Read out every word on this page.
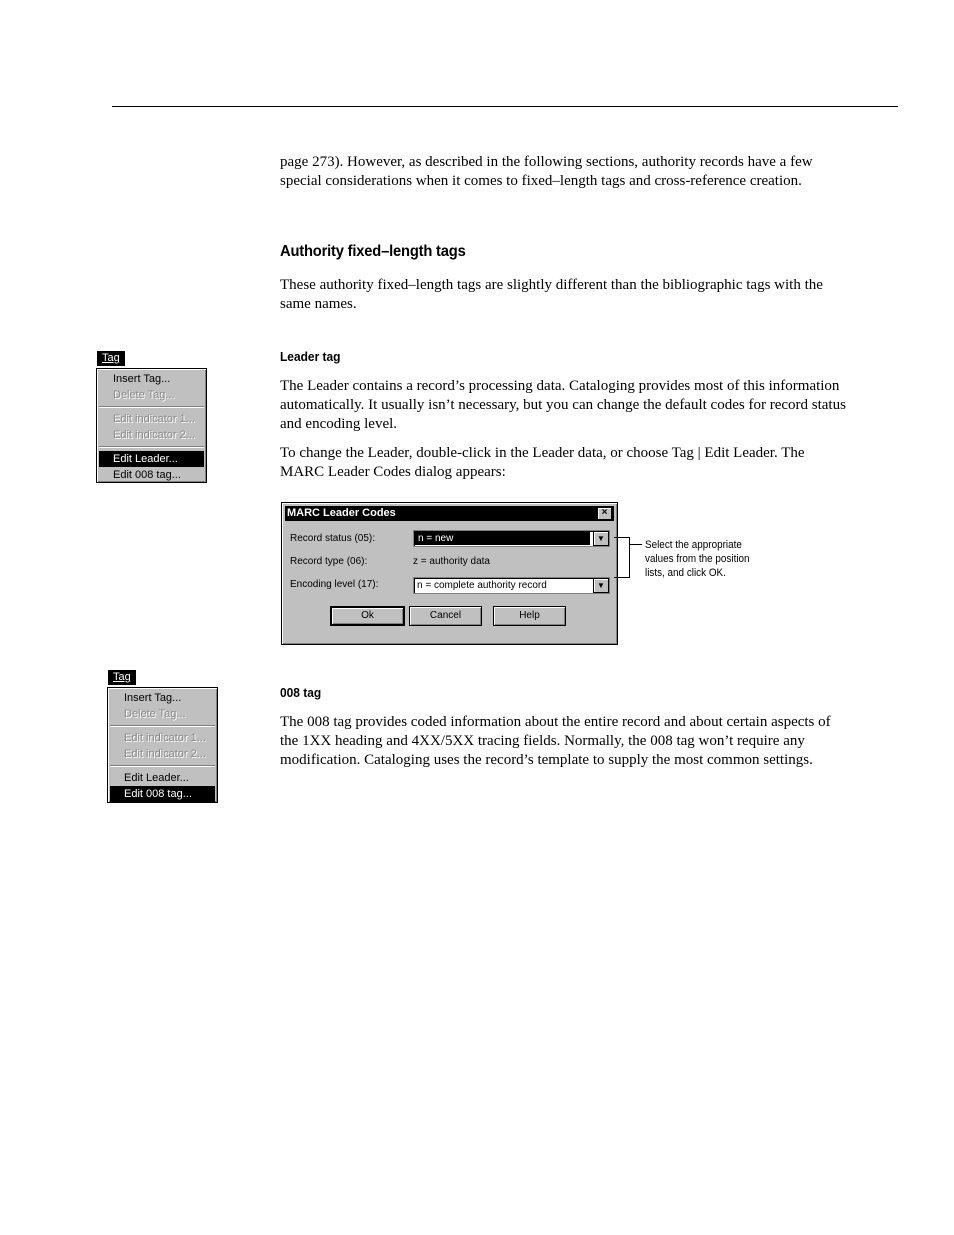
page 273). However, as described in the following sections, authority records have a few special considerations when it comes to fixed–length tags and cross-reference creation.

Authority fixed–length tags

These authority fixed–length tags are slightly different than the bibliographic tags with the same names.

Tag
Insert Tag...
Delete Tag...
Edit indicator 1...
Edit indicator 2...
Edit Leader...
Edit 008 tag...
Leader tag

The Leader contains a record’s processing data. Cataloging provides most of this information automatically. It usually isn’t necessary, but you can change the default codes for record status and encoding level.

To change the Leader, double-click in the Leader data, or choose Tag | Edit Leader. The MARC Leader Codes dialog appears:

MARC Leader Codes	×
Record status (05):	n = new	▼
Record type (06):	z = authority data
Encoding level (17):	n = complete authority record	▼
Ok	Cancel	Help
Select the appropriate values from the position lists, and click OK.
Tag
Insert Tag...
Delete Tag...
Edit indicator 1...
Edit indicator 2...
Edit Leader...
Edit 008 tag...
008 tag

The 008 tag provides coded information about the entire record and about certain aspects of the 1XX heading and 4XX/5XX tracing fields. Normally, the 008 tag won’t require any modification. Cataloging uses the record’s template to supply the most common settings.
